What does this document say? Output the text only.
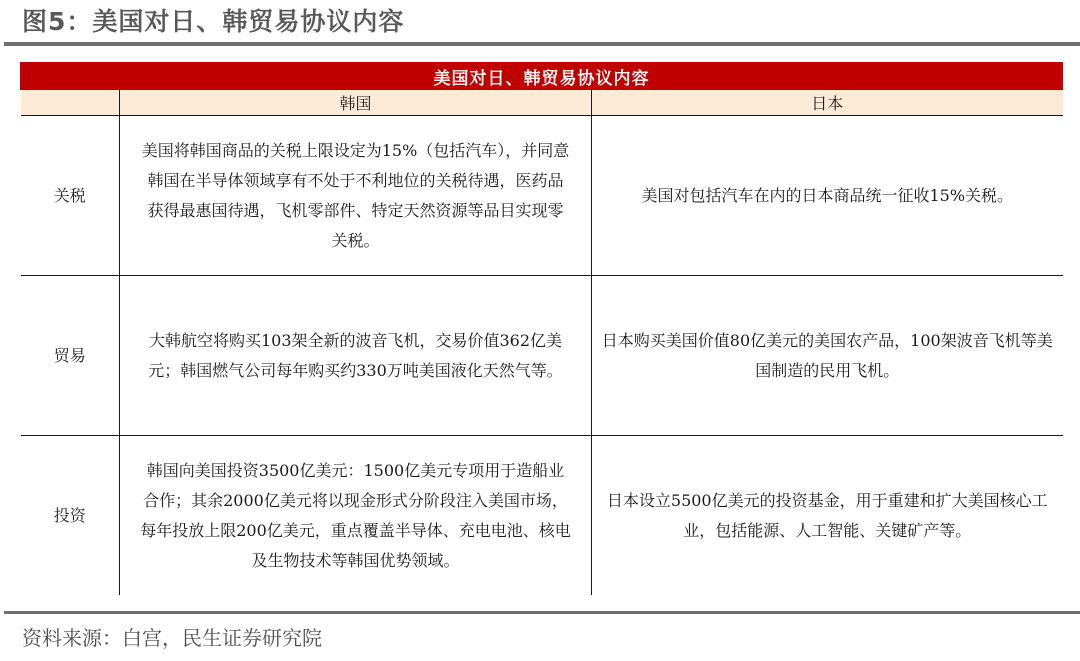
图5：美国对日、韩贸易协议内容
美国对日、韩贸易协议内容		
	韩国	日本
关税	美国将韩国商品的关税上限设定为15%（包括汽车），并同意韩国在半导体领域享有不处于不利地位的关税待遇，医药品获得最惠国待遇，飞机零部件、特定天然资源等品目实现零关税。	美国对包括汽车在内的日本商品统一征收15%关税。
贸易	大韩航空将购买103架全新的波音飞机，交易价值362亿美元；韩国燃气公司每年购买约330万吨美国液化天然气等。	日本购买美国价值80亿美元的美国农产品，100架波音飞机等美国制造的民用飞机。
投资	韩国向美国投资3500亿美元：1500亿美元专项用于造船业合作；其余2000亿美元将以现金形式分阶段注入美国市场，每年投放上限200亿美元，重点覆盖半导体、充电电池、核电及生物技术等韩国优势领域。	日本设立5500亿美元的投资基金，用于重建和扩大美国核心工业，包括能源、人工智能、关键矿产等。
资料来源：白宫，民生证券研究院
